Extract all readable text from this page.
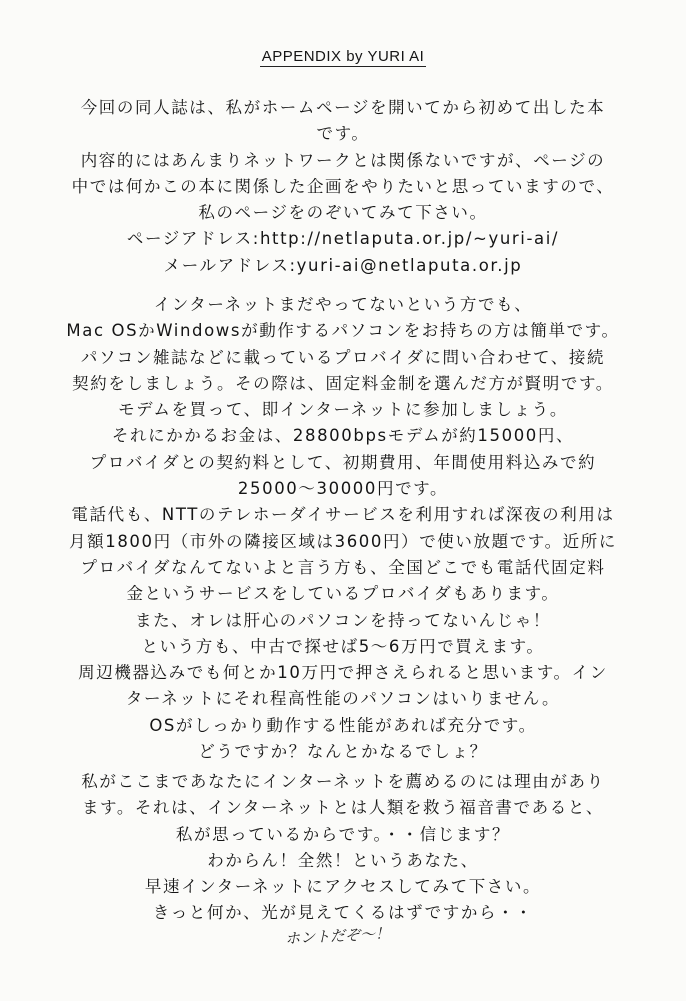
APPENDIX by YURI AI
今回の同人誌は、私がホームページを開いてから初めて出した本
です。
内容的にはあんまりネットワークとは関係ないですが、ページの
中では何かこの本に関係した企画をやりたいと思っていますので、
私のページをのぞいてみて下さい。
ページアドレス:http://netlaputa.or.jp/~yuri-ai/
メールアドレス:yuri-ai@netlaputa.or.jp
インターネットまだやってないという方でも、
Mac OSかWindowsが動作するパソコンをお持ちの方は簡単です。
パソコン雑誌などに載っているプロバイダに問い合わせて、接続
契約をしましょう。その際は、固定料金制を選んだ方が賢明です。
モデムを買って、即インターネットに参加しましょう。
それにかかるお金は、28800bpsモデムが約15000円、
プロバイダとの契約料として、初期費用、年間使用料込みで約
25000〜30000円です。
電話代も、NTTのテレホーダイサービスを利用すれば深夜の利用は
月額1800円（市外の隣接区域は3600円）で使い放題です。近所に
プロバイダなんてないよと言う方も、全国どこでも電話代固定料
金というサービスをしているプロバイダもあります。
また、オレは肝心のパソコンを持ってないんじゃ！
という方も、中古で探せば5〜6万円で買えます。
周辺機器込みでも何とか10万円で押さえられると思います。イン
ターネットにそれ程高性能のパソコンはいりません。
OSがしっかり動作する性能があれば充分です。
どうですか？なんとかなるでしょ？
私がここまであなたにインターネットを薦めるのには理由があり
ます。それは、インターネットとは人類を救う福音書であると、
私が思っているからです。・・信じます？
わからん！全然！というあなた、
早速インターネットにアクセスしてみて下さい。
きっと何か、光が見えてくるはずですから・・
ホントだぞ〜！
